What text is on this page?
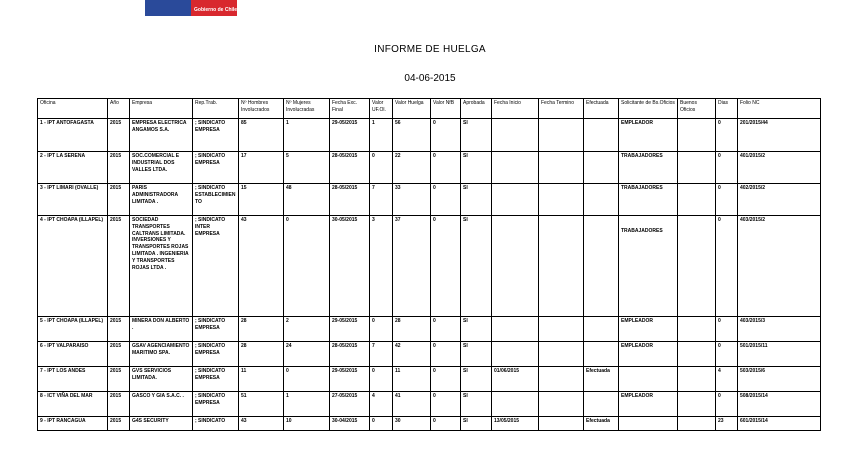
Gobierno de Chile
INFORME DE HUELGA
04-06-2015
Oficina	Año	Empresa	Rep.Trab.	Nº Hombres Involucrados	Nº Mujeres Involucradas	Fecha Exc. Final	Valor UF.Ol.	Valor Huelga	Valor NfB	Aprobada	Fecha Inicio	Fecha Termino	Efectuada	Solicitante de Bs.Oficios	Buenos Oficios	Dias	Folio NC
1 - IPT ANTOFAGASTA	2015	EMPRESA ELECTRICA ANGAMOS S.A.	; SINDICATO EMPRESA	85	1	29-05/2015	1	56	0	SI				EMPLEADOR		0	201/2015/44
2 - IPT LA SERENA	2015	SOC.COMERCIAL E INDUSTRIAL DOS VALLES LTDA.	; SINDICATO EMPRESA	17	5	28-05/2015	0	22	0	SI				TRABAJADORES		0	401/2015/2
3 - IPT LIMARI (OVALLE)	2015	PARIS ADMINISTRADORA LIMITADA .	; SINDICATO ESTABLECIMIENTO	15	48	28-05/2015	7	33	0	SI				TRABAJADORES		0	402/2015/2
4 - IPT CHOAPA (ILLAPEL)	2015	SOCIEDAD TRANSPORTES CALTRANS LIMITADA. INVERSIONES Y TRANSPORTES ROJAS LIMITADA . INGENIERIA Y TRANSPORTES ROJAS LTDA .	; SINDICATO INTER EMPRESA	43	0	30-05/2015	3	37	0	SI				TRABAJADORES		0	403/2015/2
5 - IPT CHOAPA (ILLAPEL)	2015	MINERA DON ALBERTO .	; SINDICATO EMPRESA	28	2	29-05/2015	0	28	0	SI				EMPLEADOR		0	403/2015/3
6 - IPT VALPARAISO	2015	GSAV AGENCIAMIENTO MARITIMO SPA.	; SINDICATO EMPRESA	28	24	28-05/2015	7	42	0	SI				EMPLEADOR		0	501/2015/11
7 - IPT LOS ANDES	2015	GVS SERVICIOS LIMITADA.	; SINDICATO EMPRESA	11	0	29-05/2015	0	11	0	SI	01/06/2015		Efectuada			4	503/2015/6
8 - ICT VIÑA DEL MAR	2015	GASCO Y GIA S.A.C. .	; SINDICATO EMPRESA	51	1	27-05/2015	4	41	0	SI				EMPLEADOR		0	508/2015/14
9 - IPT RANCAGUA	2015	G4S SECURITY	; SINDICATO	43	10	30-04/2015	0	30	0	SI	13/05/2015		Efectuada			23	601/2015/14
